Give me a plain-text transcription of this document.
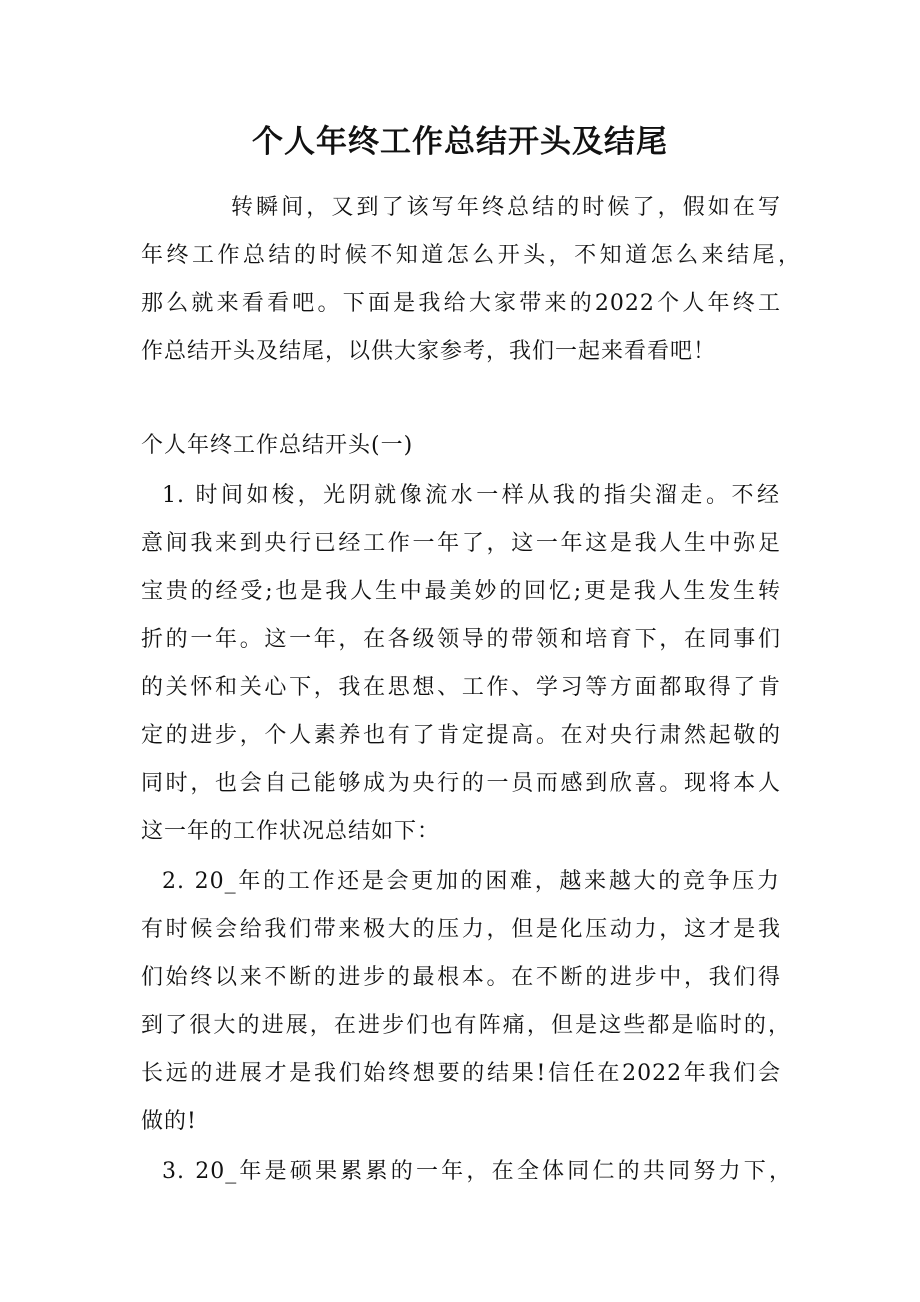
个人年终工作总结开头及结尾
转瞬间，又到了该写年终总结的时候了，假如在写
年终工作总结的时候不知道怎么开头，不知道怎么来结尾，
那么就来看看吧。下面是我给大家带来的2022个人年终工
作总结开头及结尾，以供大家参考，我们一起来看看吧！
个人年终工作总结开头(一)
1. 时间如梭，光阴就像流水一样从我的指尖溜走。不经
意间我来到央行已经工作一年了，这一年这是我人生中弥足
宝贵的经受;也是我人生中最美妙的回忆;更是我人生发生转
折的一年。这一年，在各级领导的带领和培育下，在同事们
的关怀和关心下，我在思想、工作、学习等方面都取得了肯
定的进步，个人素养也有了肯定提高。在对央行肃然起敬的
同时，也会自己能够成为央行的一员而感到欣喜。现将本人
这一年的工作状况总结如下：
2. 20_年的工作还是会更加的困难，越来越大的竞争压力
有时候会给我们带来极大的压力，但是化压动力，这才是我
们始终以来不断的进步的最根本。在不断的进步中，我们得
到了很大的进展，在进步们也有阵痛，但是这些都是临时的，
长远的进展才是我们始终想要的结果!信任在2022年我们会
做的!
3. 20_年是硕果累累的一年，在全体同仁的共同努力下，
